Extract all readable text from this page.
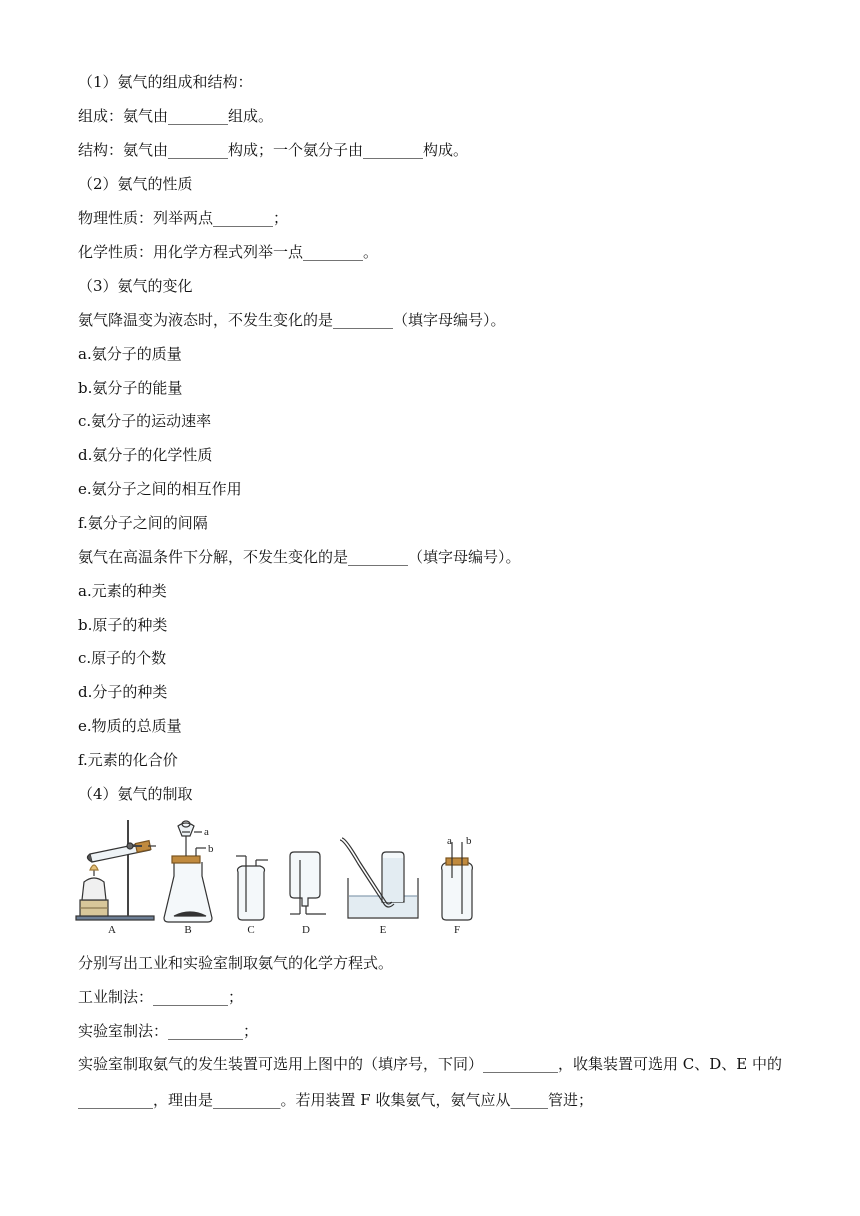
（1）氨气的组成和结构：
组成：氨气由________组成。
结构：氨气由________构成；一个氨分子由________构成。
（2）氨气的性质
物理性质：列举两点________；
化学性质：用化学方程式列举一点________。
（3）氨气的变化
氨气降温变为液态时，不发生变化的是________（填字母编号）。
a.氨分子的质量
b.氨分子的能量
c.氨分子的运动速率
d.氨分子的化学性质
e.氨分子之间的相互作用
f.氨分子之间的间隔
氨气在高温条件下分解，不发生变化的是________（填字母编号）。
a.元素的种类
b.原子的种类
c.原子的个数
d.分子的种类
e.物质的总质量
f.元素的化合价
（4）氨气的制取
A
a
b
B	C	D	E
a b
F
分别写出工业和实验室制取氨气的化学方程式。
工业制法：__________；
实验室制法：__________；
实验室制取氨气的发生装置可选用上图中的（填序号，下同）__________，收集装置可选用 C、D、E 中的__________，理由是_________。若用装置 F 收集氨气，氨气应从_____管进；
